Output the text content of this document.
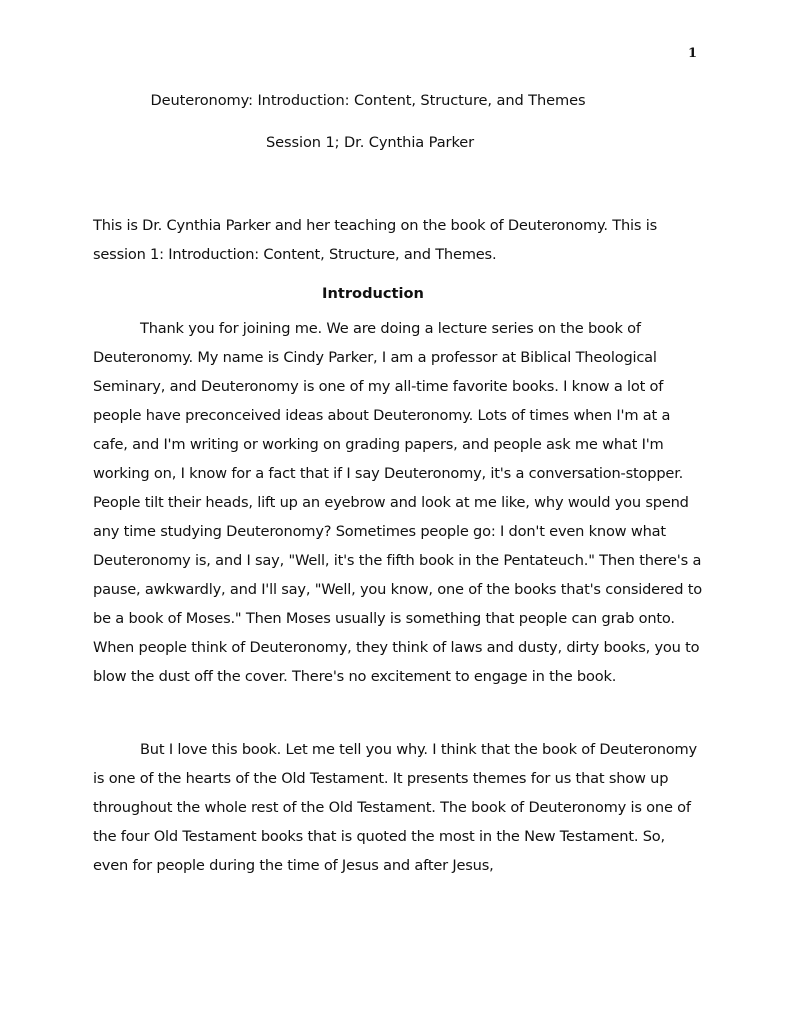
1
Deuteronomy: Introduction: Content, Structure, and Themes
Session 1; Dr. Cynthia Parker

This is Dr. Cynthia Parker and her teaching on the book of Deuteronomy. This is session 1: Introduction: Content, Structure, and Themes.

Introduction

Thank you for joining me. We are doing a lecture series on the book of Deuteronomy. My name is Cindy Parker, I am a professor at Biblical Theological Seminary, and Deuteronomy is one of my all-time favorite books. I know a lot of people have preconceived ideas about Deuteronomy. Lots of times when I'm at a cafe, and I'm writing or working on grading papers, and people ask me what I'm working on, I know for a fact that if I say Deuteronomy, it's a conversation-stopper. People tilt their heads, lift up an eyebrow and look at me like, why would you spend any time studying Deuteronomy? Sometimes people go: I don't even know what Deuteronomy is, and I say, "Well, it's the fifth book in the Pentateuch." Then there's a pause, awkwardly, and I'll say, "Well, you know, one of the books that's considered to be a book of Moses." Then Moses usually is something that people can grab onto. When people think of Deuteronomy, they think of laws and dusty, dirty books, you to blow the dust off the cover. There's no excitement to engage in the book.

But I love this book. Let me tell you why. I think that the book of Deuteronomy is one of the hearts of the Old Testament. It presents themes for us that show up throughout the whole rest of the Old Testament. The book of Deuteronomy is one of the four Old Testament books that is quoted the most in the New Testament. So, even for people during the time of Jesus and after Jesus,
